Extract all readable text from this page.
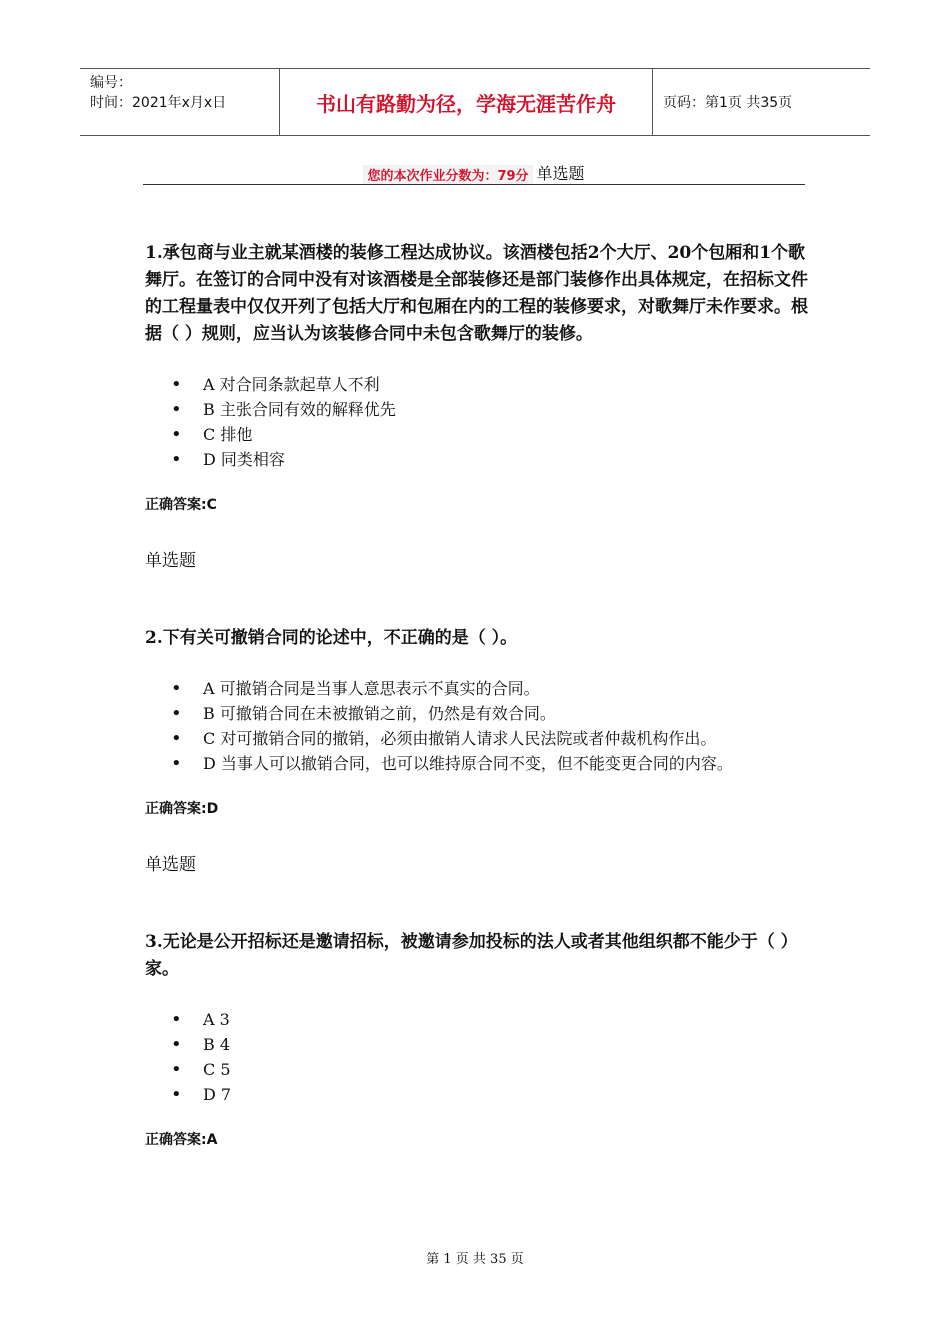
编号：
时间：2021年x月x日	书山有路勤为径，学海无涯苦作舟	页码：第1页 共35页
您的本次作业分数为：79分 单选题

1.承包商与业主就某酒楼的装修工程达成协议。该酒楼包括2个大厅、20个包厢和1个歌舞厅。在签订的合同中没有对该酒楼是全部装修还是部门装修作出具体规定，在招标文件的工程量表中仅仅开列了包括大厅和包厢在内的工程的装修要求，对歌舞厅未作要求。根据（ ）规则，应当认为该装修合同中未包含歌舞厅的装修。

• A 对合同条款起草人不利
• B 主张合同有效的解释优先
• C 排他
• D 同类相容
正确答案:C
单选题

2.下有关可撤销合同的论述中，不正确的是（ ）。

• A 可撤销合同是当事人意思表示不真实的合同。
• B 可撤销合同在未被撤销之前，仍然是有效合同。
• C 对可撤销合同的撤销，必须由撤销人请求人民法院或者仲裁机构作出。
• D 当事人可以撤销合同，也可以维持原合同不变，但不能变更合同的内容。
正确答案:D
单选题

3.无论是公开招标还是邀请招标，被邀请参加投标的法人或者其他组织都不能少于（ ）家。

• A 3
• B 4
• C 5
• D 7
正确答案:A
第 1 页 共 35 页
